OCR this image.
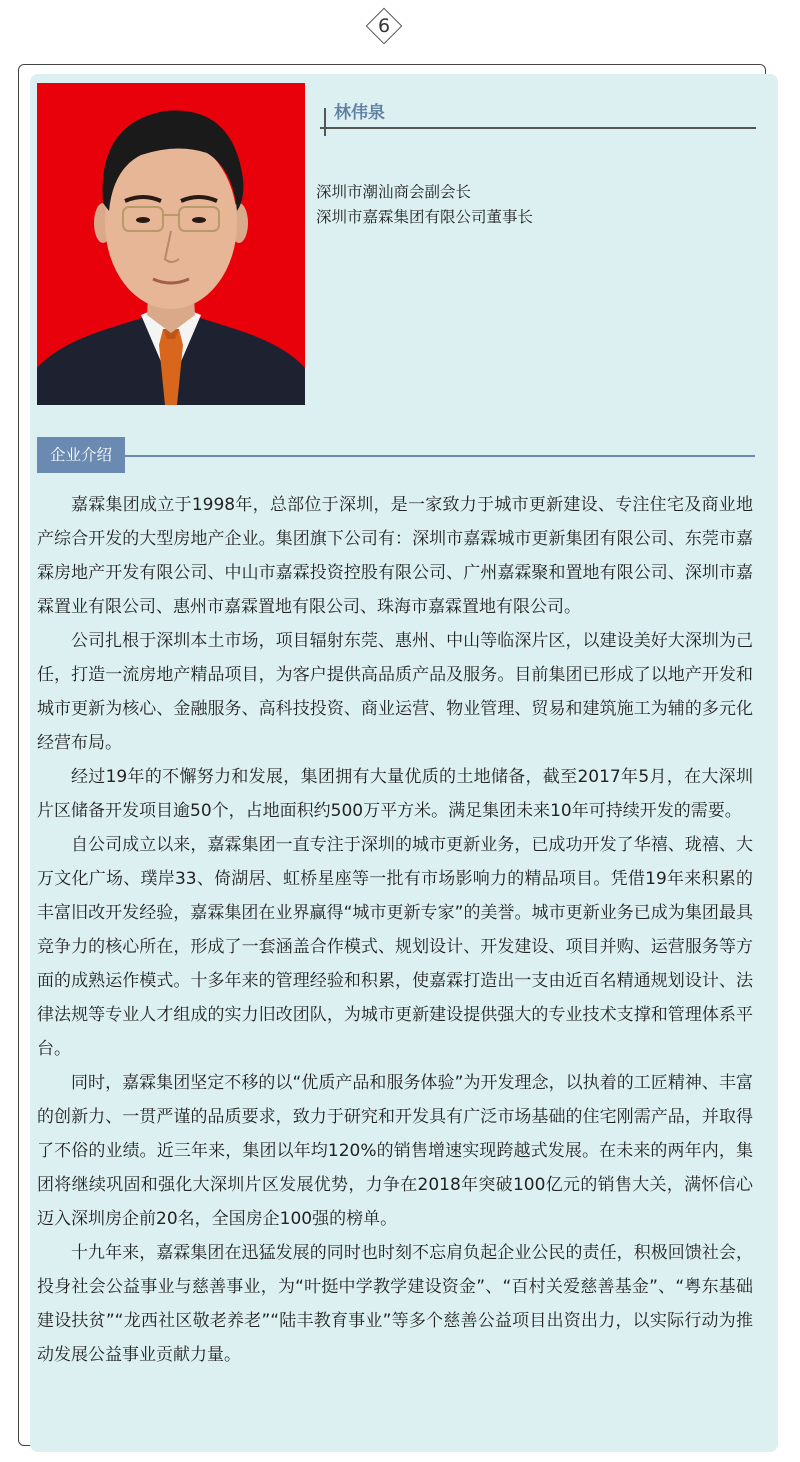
6
林伟泉
深圳市潮汕商会副会长
深圳市嘉霖集团有限公司董事长
企业介绍

嘉霖集团成立于1998年，总部位于深圳，是一家致力于城市更新建设、专注住宅及商业地产综合开发的大型房地产企业。集团旗下公司有：深圳市嘉霖城市更新集团有限公司、东莞市嘉霖房地产开发有限公司、中山市嘉霖投资控股有限公司、广州嘉霖聚和置地有限公司、深圳市嘉霖置业有限公司、惠州市嘉霖置地有限公司、珠海市嘉霖置地有限公司。

公司扎根于深圳本土市场，项目辐射东莞、惠州、中山等临深片区，以建设美好大深圳为己任，打造一流房地产精品项目，为客户提供高品质产品及服务。目前集团已形成了以地产开发和城市更新为核心、金融服务、高科技投资、商业运营、物业管理、贸易和建筑施工为辅的多元化经营布局。

经过19年的不懈努力和发展，集团拥有大量优质的土地储备，截至2017年5月，在大深圳片区储备开发项目逾50个，占地面积约500万平方米。满足集团未来10年可持续开发的需要。

自公司成立以来，嘉霖集团一直专注于深圳的城市更新业务，已成功开发了华禧、珑禧、大万文化广场、璞岸33、倚湖居、虹桥星座等一批有市场影响力的精品项目。凭借19年来积累的丰富旧改开发经验，嘉霖集团在业界赢得“城市更新专家”的美誉。城市更新业务已成为集团最具竞争力的核心所在，形成了一套涵盖合作模式、规划设计、开发建设、项目并购、运营服务等方面的成熟运作模式。十多年来的管理经验和积累，使嘉霖打造出一支由近百名精通规划设计、法律法规等专业人才组成的实力旧改团队，为城市更新建设提供强大的专业技术支撑和管理体系平台。

同时，嘉霖集团坚定不移的以“优质产品和服务体验”为开发理念，以执着的工匠精神、丰富的创新力、一贯严谨的品质要求，致力于研究和开发具有广泛市场基础的住宅刚需产品，并取得了不俗的业绩。近三年来，集团以年均120%的销售增速实现跨越式发展。在未来的两年内，集团将继续巩固和强化大深圳片区发展优势，力争在2018年突破100亿元的销售大关，满怀信心迈入深圳房企前20名，全国房企100强的榜单。

十九年来，嘉霖集团在迅猛发展的同时也时刻不忘肩负起企业公民的责任，积极回馈社会，投身社会公益事业与慈善事业，为“叶挺中学教学建设资金”、“百村关爱慈善基金”、“粤东基础建设扶贫”“龙西社区敬老养老”“陆丰教育事业”等多个慈善公益项目出资出力，以实际行动为推动发展公益事业贡献力量。
